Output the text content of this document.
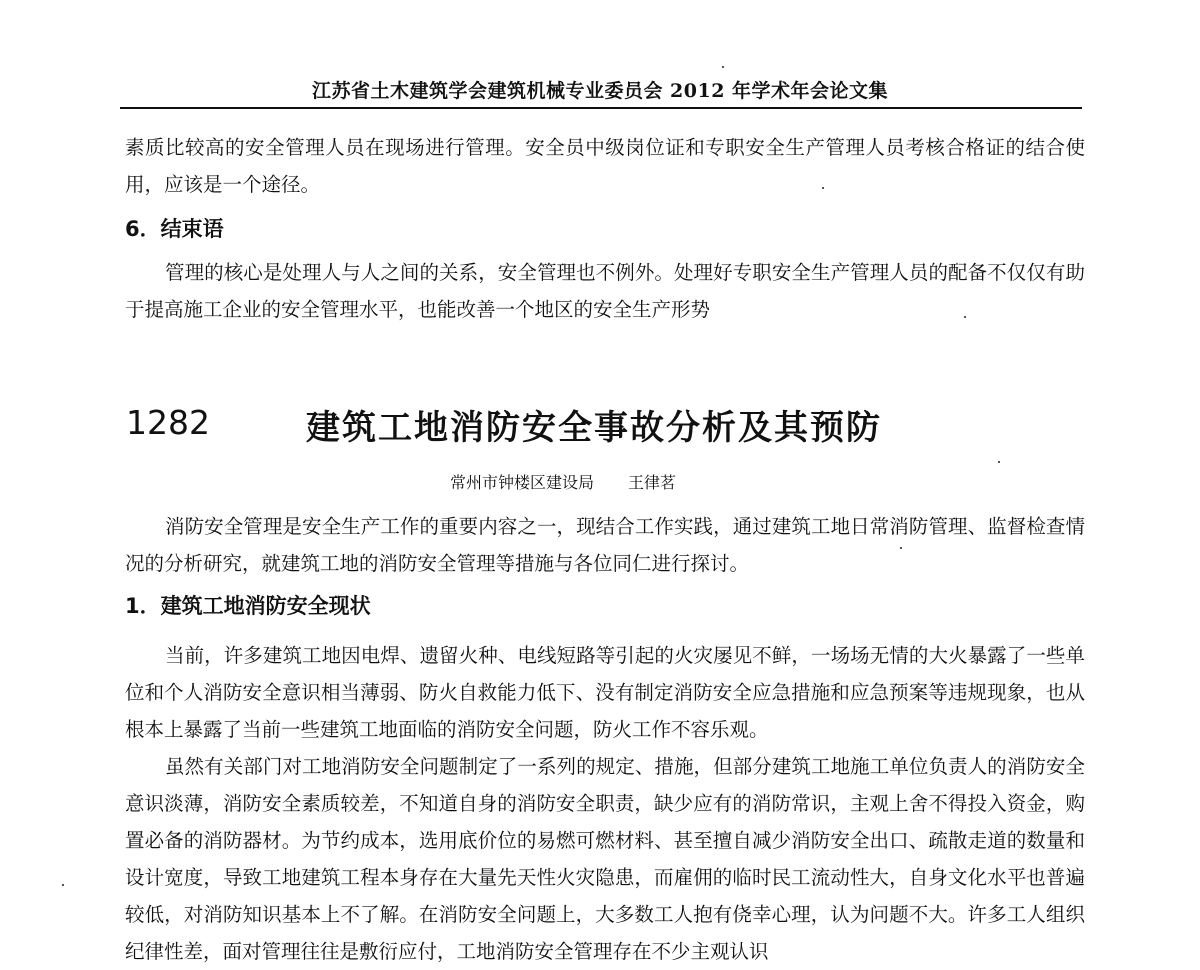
江苏省土木建筑学会建筑机械专业委员会 2012 年学术年会论文集

素质比较高的安全管理人员在现场进行管理。安全员中级岗位证和专职安全生产管理人员考核合格证的结合使用，应该是一个途径。

6．结束语

管理的核心是处理人与人之间的关系，安全管理也不例外。处理好专职安全生产管理人员的配备不仅仅有助于提高施工企业的安全管理水平，也能改善一个地区的安全生产形势

1282	建筑工地消防安全事故分析及其预防
常州市钟楼区建设局 王律茗

消防安全管理是安全生产工作的重要内容之一，现结合工作实践，通过建筑工地日常消防管理、监督检查情况的分析研究，就建筑工地的消防安全管理等措施与各位同仁进行探讨。

1．建筑工地消防安全现状

当前，许多建筑工地因电焊、遗留火种、电线短路等引起的火灾屡见不鲜，一场场无情的大火暴露了一些单位和个人消防安全意识相当薄弱、防火自救能力低下、没有制定消防安全应急措施和应急预案等违规现象，也从根本上暴露了当前一些建筑工地面临的消防安全问题，防火工作不容乐观。

虽然有关部门对工地消防安全问题制定了一系列的规定、措施，但部分建筑工地施工单位负责人的消防安全意识淡薄，消防安全素质较差，不知道自身的消防安全职责，缺少应有的消防常识，主观上舍不得投入资金，购置必备的消防器材。为节约成本，选用底价位的易燃可燃材料、甚至擅自减少消防安全出口、疏散走道的数量和设计宽度，导致工地建筑工程本身存在大量先天性火灾隐患，而雇佣的临时民工流动性大，自身文化水平也普遍较低，对消防知识基本上不了解。在消防安全问题上，大多数工人抱有侥幸心理，认为问题不大。许多工人组织纪律性差，面对管理往往是敷衍应付，工地消防安全管理存在不少主观认识
